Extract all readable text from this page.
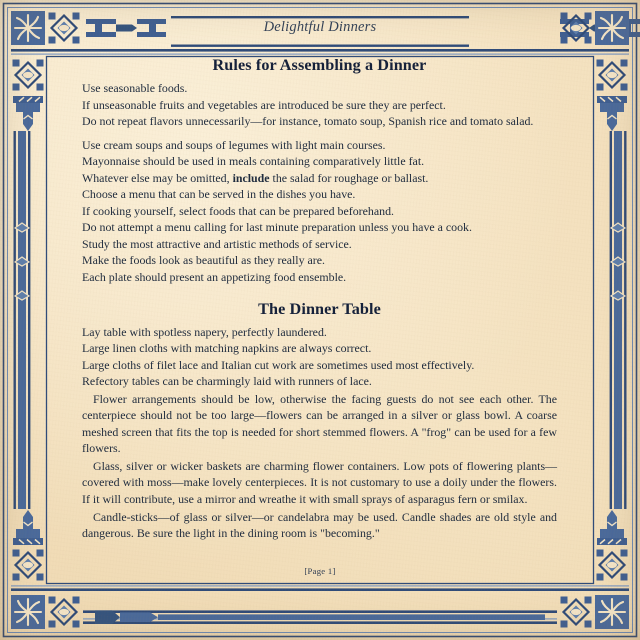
Delightful Dinners
Rules for Assembling a Dinner

Use seasonable foods.

If unseasonable fruits and vegetables are introduced be sure they are perfect.

Do not repeat flavors unnecessarily—for instance, tomato soup, Spanish rice and tomato salad.

Use cream soups and soups of legumes with light main courses.

Mayonnaise should be used in meals containing comparatively little fat.

Whatever else may be omitted, include the salad for roughage or ballast.

Choose a menu that can be served in the dishes you have.

If cooking yourself, select foods that can be prepared beforehand.

Do not attempt a menu calling for last minute preparation unless you have a cook.

Study the most attractive and artistic methods of service.

Make the foods look as beautiful as they really are.

Each plate should present an appetizing food ensemble.

The Dinner Table

Lay table with spotless napery, perfectly laundered.

Large linen cloths with matching napkins are always correct.

Large cloths of filet lace and Italian cut work are sometimes used most effectively.

Refectory tables can be charmingly laid with runners of lace.

Flower arrangements should be low, otherwise the facing guests do not see each other. The centerpiece should not be too large—flowers can be arranged in a silver or glass bowl. A coarse meshed screen that fits the top is needed for short stemmed flowers. A "frog" can be used for a few flowers.

Glass, silver or wicker baskets are charming flower containers. Low pots of flowering plants—covered with moss—make lovely centerpieces. It is not customary to use a doily under the flowers. If it will contribute, use a mirror and wreathe it with small sprays of asparagus fern or smilax.

Candle-sticks—of glass or silver—or candelabra may be used. Candle shades are old style and dangerous. Be sure the light in the dining room is "becoming."

[Page 1]
